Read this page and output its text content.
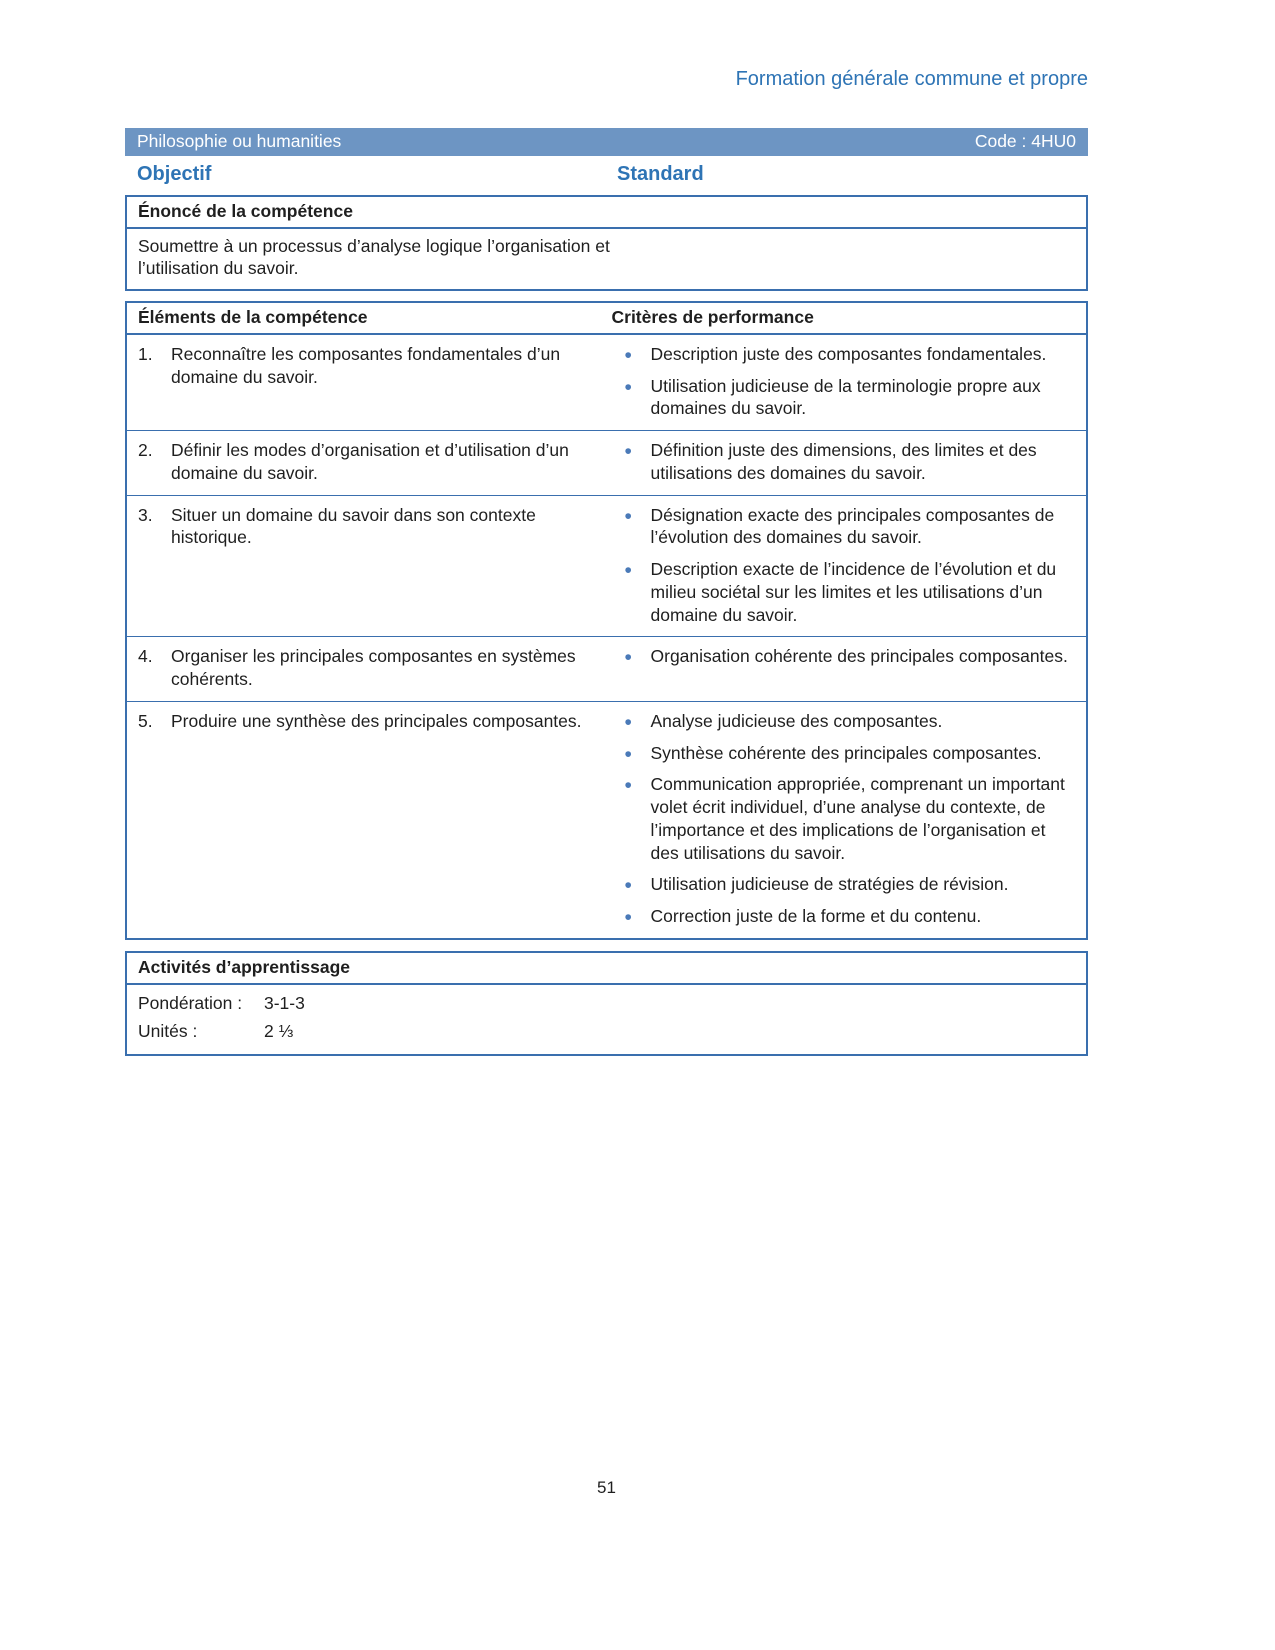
Formation générale commune et propre
Philosophie ou humanities	Code : 4HU0
Objectif	Standard
Énoncé de la compétence
Soumettre à un processus d’analyse logique l’organisation et l’utilisation du savoir.
Éléments de la compétence	Critères de performance

1.	Reconnaître les composantes fondamentales d’un domaine du savoir.

• Description juste des composantes fondamentales.
• Utilisation judicieuse de la terminologie propre aux domaines du savoir.

2.	Définir les modes d’organisation et d’utilisation d’un domaine du savoir.

• Définition juste des dimensions, des limites et des utilisations des domaines du savoir.

3.	Situer un domaine du savoir dans son contexte historique.

• Désignation exacte des principales composantes de l’évolution des domaines du savoir.
• Description exacte de l’incidence de l’évolution et du milieu sociétal sur les limites et les utilisations d’un domaine du savoir.

4.	Organiser les principales composantes en systèmes cohérents.

• Organisation cohérente des principales composantes.

5.	Produire une synthèse des principales composantes.

•Analyse judicieuse des composantes.
• Synthèse cohérente des principales composantes.
• Communication appropriée, comprenant un important volet écrit individuel, d’une analyse du contexte, de l’importance et des implications de l’organisation et des utilisations du savoir.
• Utilisation judicieuse de stratégies de révision.
• Correction juste de la forme et du contenu.
Activités d’apprentissage
Pondération : 3-1-3
Unités :	2 ⅓
51
